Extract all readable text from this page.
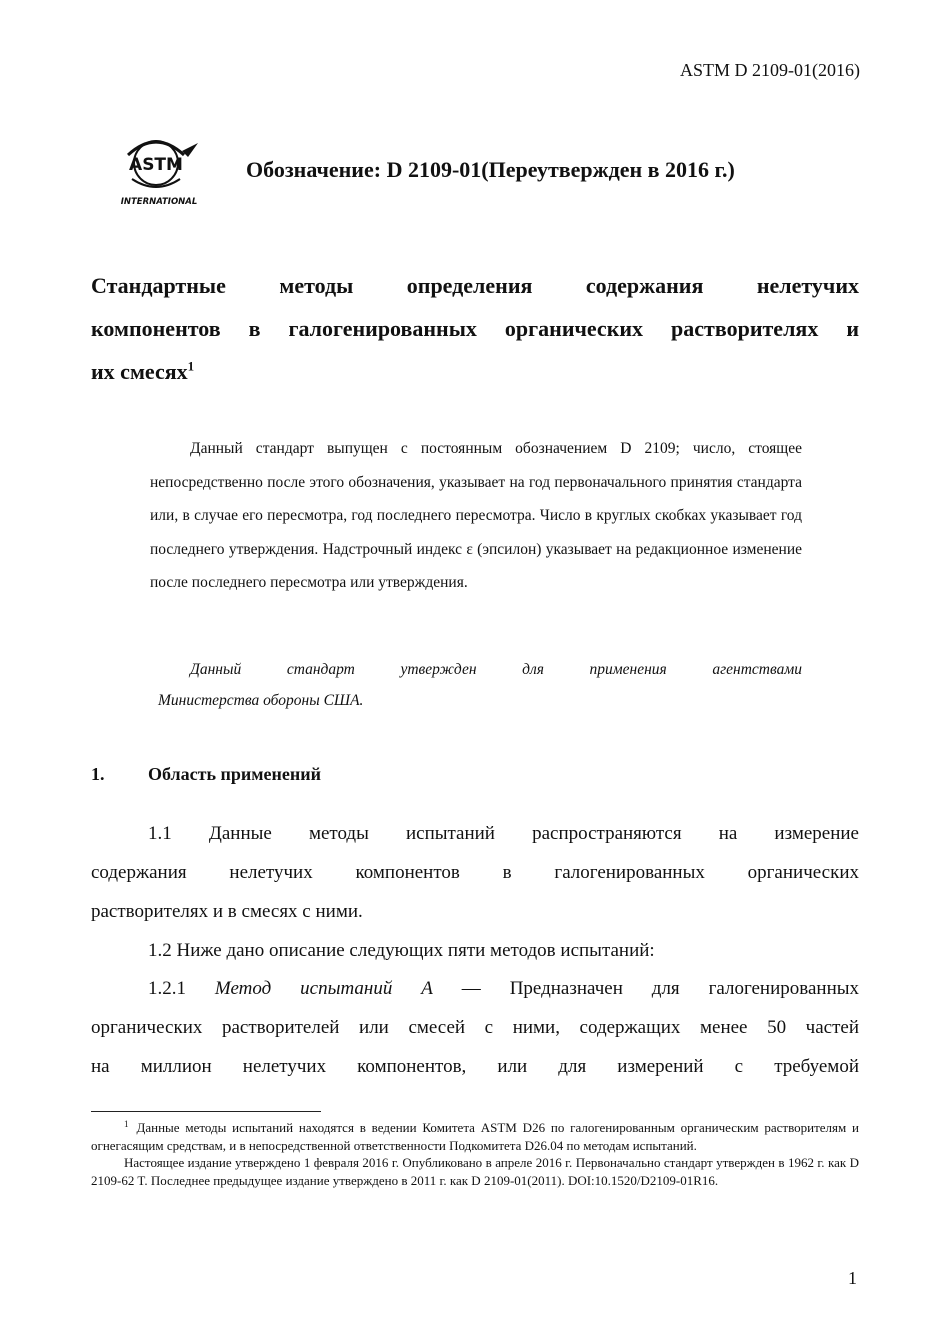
ASTM D 2109-01(2016)
ASTM
INTERNATIONAL
Обозначение: D 2109-01(Переутвержден в 2016 г.)
Стандартные методы определения содержания нелетучих
компонентов в галогенированных органических растворителях и
их смесях$^1$
Данный стандарт выпущен с постоянным обозначением D 2109; число, стоящее непосредственно после этого обозначения, указывает на год первоначального принятия стандарта или, в случае его пересмотра, год последнего пересмотра. Число в круглых скобках указывает год последнего утверждения. Надстрочный индекс ε (эпсилон) указывает на редакционное изменение после последнего пересмотра или утверждения.
Данный стандарт утвержден для применения агентствами
Министерства обороны США.
1. Область применений
1.1 Данные методы испытаний распространяются на измерение
содержания нелетучих компонентов в галогенированных органических
растворителях и в смесях с ними.
1.2 Ниже дано описание следующих пяти методов испытаний:
1.2.1 Метод испытаний А — Предназначен для галогенированных
органических растворителей или смесей с ними, содержащих менее 50 частей
на миллион нелетучих компонентов, или для измерений с требуемой

$^1$ Данные методы испытаний находятся в ведении Комитета ASTM D26 по галогенированным органическим растворителям и огнегасящим средствам, и в непосредственной ответственности Подкомитета D26.04 по методам испытаний.

Настоящее издание утверждено 1 февраля 2016 г. Опубликовано в апреле 2016 г. Первоначально стандарт утвержден в 1962 г. как D 2109-62 T. Последнее предыдущее издание утверждено в 2011 г. как D 2109-01(2011). DOI:10.1520/D2109-01R16.

1
